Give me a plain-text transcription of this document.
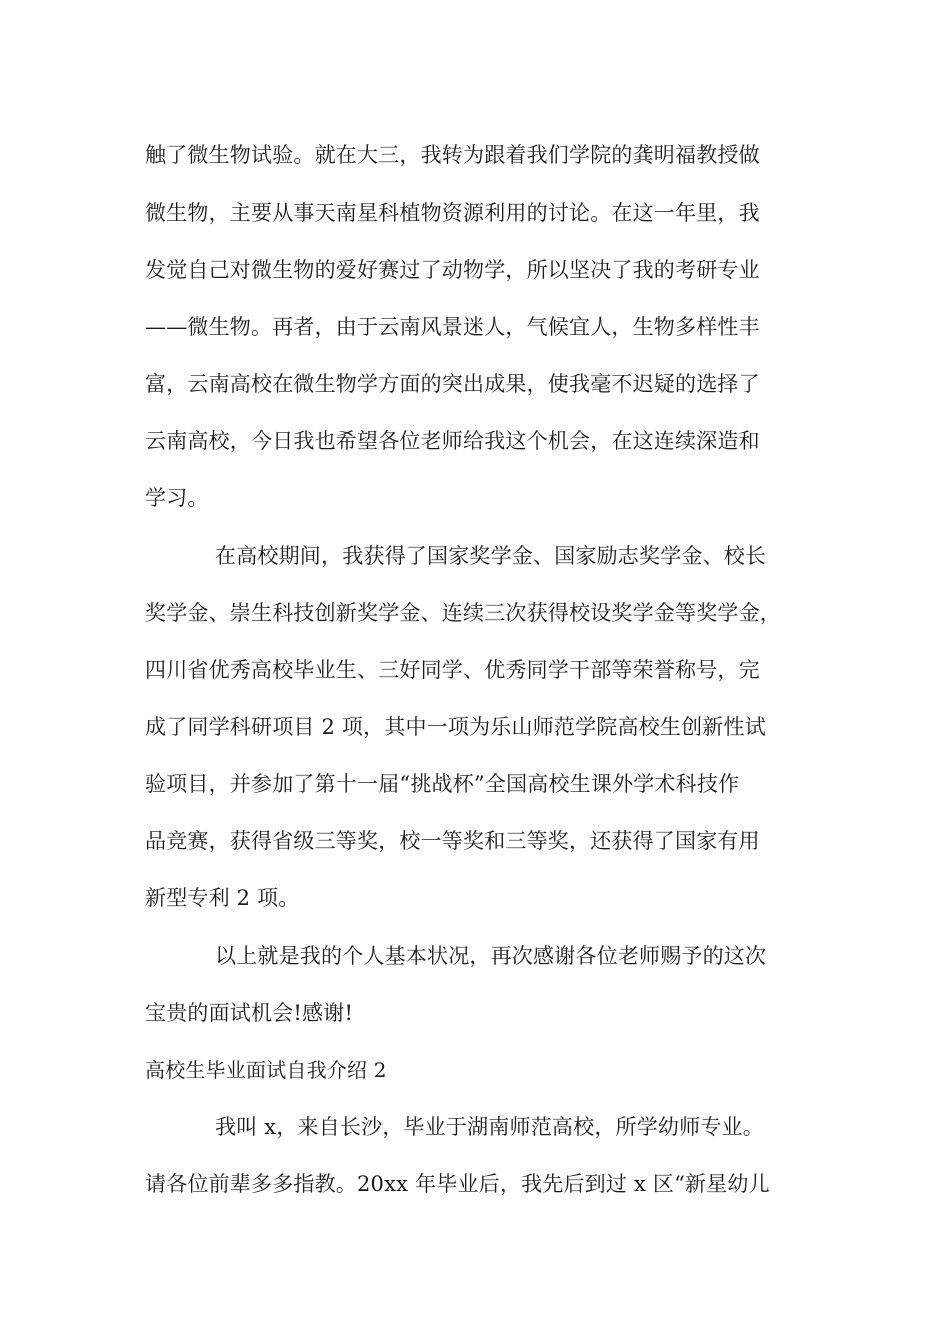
触了微生物试验。就在大三，我转为跟着我们学院的龚明福教授做
微生物，主要从事天南星科植物资源利用的讨论。在这一年里，我
发觉自己对微生物的爱好赛过了动物学，所以坚决了我的考研专业
——微生物。再者，由于云南风景迷人，气候宜人，生物多样性丰
富，云南高校在微生物学方面的突出成果，使我毫不迟疑的选择了
云南高校，今日我也希望各位老师给我这个机会，在这连续深造和
学习。
在高校期间，我获得了国家奖学金、国家励志奖学金、校长
奖学金、崇生科技创新奖学金、连续三次获得校设奖学金等奖学金，
四川省优秀高校毕业生、三好同学、优秀同学干部等荣誉称号，完
成了同学科研项目 2 项，其中一项为乐山师范学院高校生创新性试
验项目，并参加了第十一届“挑战杯”全国高校生课外学术科技作
品竞赛，获得省级三等奖，校一等奖和三等奖，还获得了国家有用
新型专利 2 项。
以上就是我的个人基本状况，再次感谢各位老师赐予的这次
宝贵的面试机会!感谢!
高校生毕业面试自我介绍 2
我叫 x，来自长沙，毕业于湖南师范高校，所学幼师专业。
请各位前辈多多指教。20xx 年毕业后，我先后到过 x 区“新星幼儿
